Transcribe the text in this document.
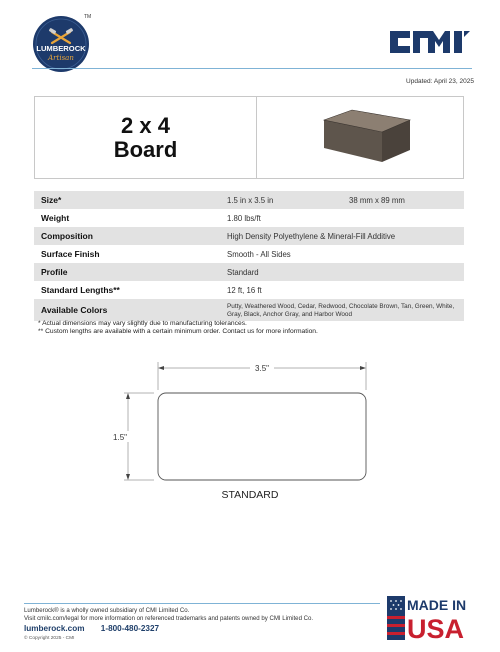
LUMBEROCK
Artisan
TM
CMI
Updated: April 23, 2025
2 x 4
Board
Size*	1.5 in x 3.5 in	38 mm x 89 mm
Weight	1.80 lbs/ft
Composition	High Density Polyethylene & Mineral-Fill Additive
Surface Finish	Smooth - All Sides
Profile	Standard
Standard Lengths**	12 ft, 16 ft
Available Colors	Putty, Weathered Wood, Cedar, Redwood, Chocolate Brown, Tan, Green, White, Gray, Black, Anchor Gray, and Harbor Wood
* Actual dimensions may vary slightly due to manufacturing tolerances.
** Custom lengths are available with a certain minimum order. Contact us for more information.
3.5"
1.5"
STANDARD
Lumberock® is a wholly owned subsidiary of CMI Limited Co.
Visit cmilc.com/legal for more information on referenced trademarks and patents owned by CMI Limited Co.
lumberock.com 1-800-480-2327
© Copyright 2025 - CMI
MADE IN
USA
